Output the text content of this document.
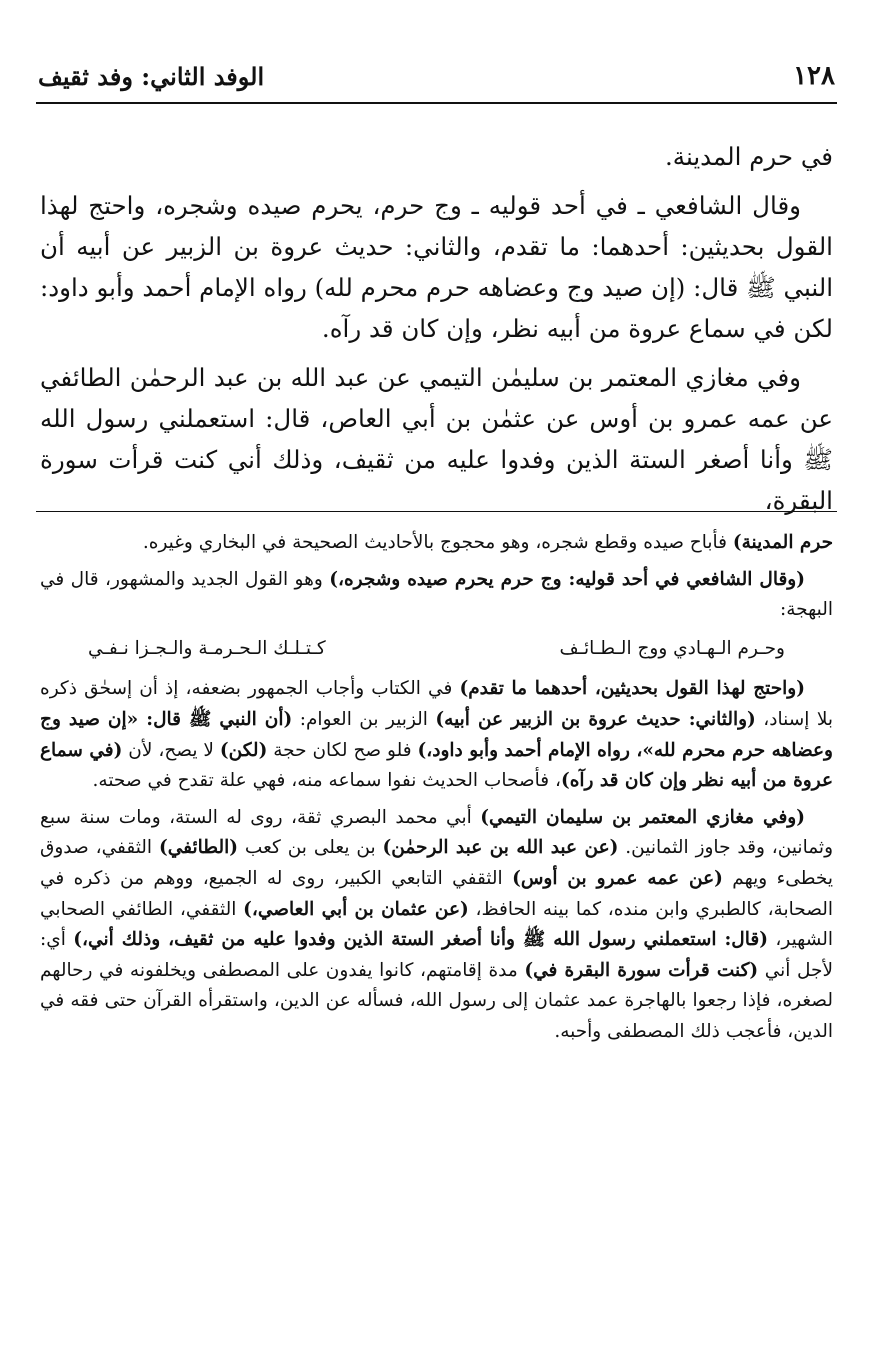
١٢٨
الوفد الثاني: وفد ثقيف

في حرم المدينة.

وقال الشافعي ـ في أحد قوليه ـ وج حرم، يحرم صيده وشجره، واحتج لهذا القول بحديثين: أحدهما: ما تقدم، والثاني: حديث عروة بن الزبير عن أبيه أن النبي ﷺ قال: (إن صيد وج وعضاهه حرم محرم لله) رواه الإمام أحمد وأبو داود: لكن في سماع عروة من أبيه نظر، وإن كان قد رآه.

وفي مغازي المعتمر بن سليمٰن التيمي عن عبد الله بن عبد الرحمٰن الطائفي عن عمه عمرو بن أوس عن عثمٰن بن أبي العاص، قال: استعملني رسول الله ﷺ وأنا أصغر الستة الذين وفدوا عليه من ثقيف، وذلك أني كنت قرأت سورة البقرة،

حرم المدينة) فأباح صيده وقطع شجره، وهو محجوج بالأحاديث الصحيحة في البخاري وغيره.

(وقال الشافعي في أحد قوليه: وج حرم يحرم صيده وشجره،) وهو القول الجديد والمشهور، قال في البهجة:

وحـرم الـهـادي ووج الـطـائـف
كـتـلـك الـحـرمـة والـجـزا نـفـي

(واحتج لهذا القول بحديثين، أحدهما ما تقدم) في الكتاب وأجاب الجمهور بضعفه، إذ أن إسحٰق ذكره بلا إسناد، (والثاني: حديث عروة بن الزبير عن أبيه) الزبير بن العوام: (أن النبي ﷺ قال: «إن صيد وج وعضاهه حرم محرم لله»، رواه الإمام أحمد وأبو داود،) فلو صح لكان حجة (لكن) لا يصح، لأن (في سماع عروة من أبيه نظر وإن كان قد رآه)، فأصحاب الحديث نفوا سماعه منه، فهي علة تقدح في صحته.

(وفي مغازي المعتمر بن سليمان التيمي) أبي محمد البصري ثقة، روى له الستة، ومات سنة سبع وثمانين، وقد جاوز الثمانين. (عن عبد الله بن عبد الرحمٰن) بن يعلى بن كعب (الطائفي) الثقفي، صدوق يخطىء ويهم (عن عمه عمرو بن أوس) الثقفي التابعي الكبير، روى له الجميع، ووهم من ذكره في الصحابة، كالطبري وابن منده، كما بينه الحافظ، (عن عثمان بن أبي العاصي،) الثقفي، الطائفي الصحابي الشهير، (قال: استعملني رسول الله ﷺ وأنا أصغر الستة الذين وفدوا عليه من ثقيف، وذلك أني،) أي: لأجل أني (كنت قرأت سورة البقرة في) مدة إقامتهم، كانوا يفدون على المصطفى ويخلفونه في رحالهم لصغره، فإذا رجعوا بالهاجرة عمد عثمان إلى رسول الله، فسأله عن الدين، واستقرأه القرآن حتى فقه في الدين، فأعجب ذلك المصطفى وأحبه.
